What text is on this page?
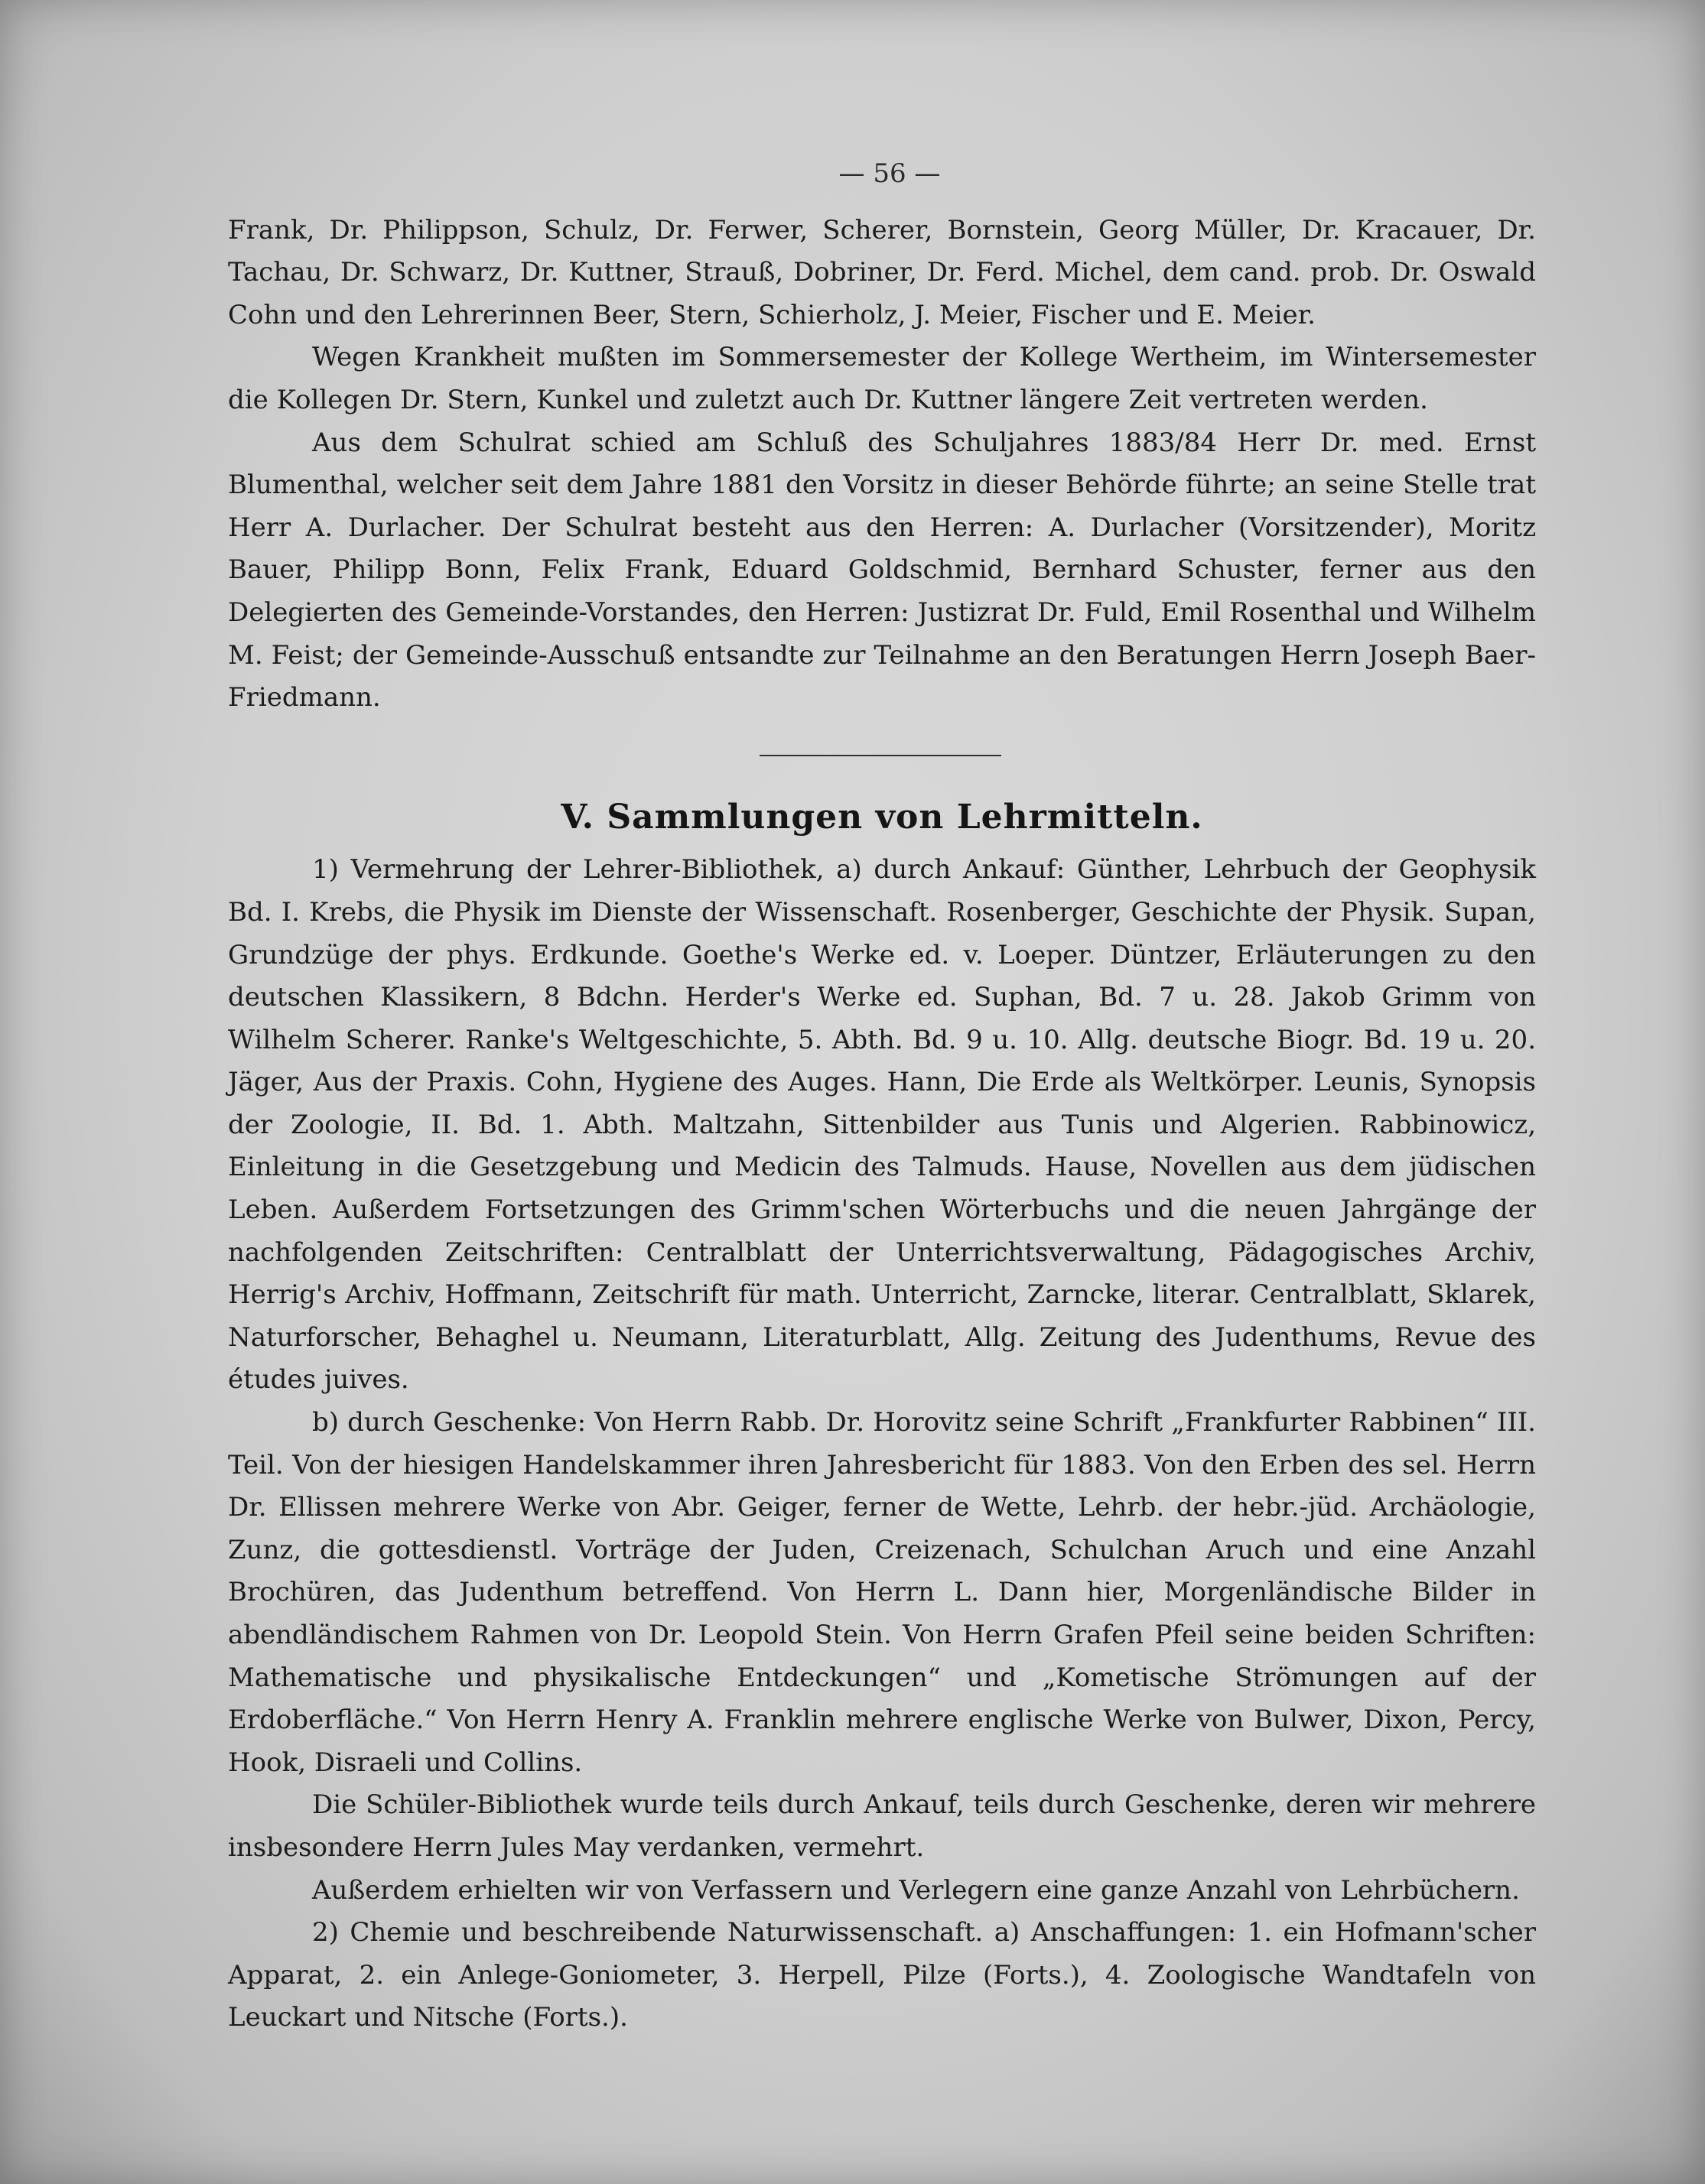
— 56 —

Frank, Dr. Philippson, Schulz, Dr. Ferwer, Scherer, Bornstein, Georg Müller, Dr. Kracauer, Dr. Tachau, Dr. Schwarz, Dr. Kuttner, Strauß, Dobriner, Dr. Ferd. Michel, dem cand. prob. Dr. Oswald Cohn und den Lehrerinnen Beer, Stern, Schierholz, J. Meier, Fischer und E. Meier.

Wegen Krankheit mußten im Sommersemester der Kollege Wertheim, im Wintersemester die Kollegen Dr. Stern, Kunkel und zuletzt auch Dr. Kuttner längere Zeit vertreten werden.

Aus dem Schulrat schied am Schluß des Schuljahres 1883/84 Herr Dr. med. Ernst Blumenthal, welcher seit dem Jahre 1881 den Vorsitz in dieser Behörde führte; an seine Stelle trat Herr A. Durlacher. Der Schulrat besteht aus den Herren: A. Durlacher (Vorsitzender), Moritz Bauer, Philipp Bonn, Felix Frank, Eduard Goldschmid, Bernhard Schuster, ferner aus den Delegierten des Gemeinde-Vorstandes, den Herren: Justizrat Dr. Fuld, Emil Rosenthal und Wilhelm M. Feist; der Gemeinde-Ausschuß entsandte zur Teilnahme an den Beratungen Herrn Joseph Baer-Friedmann.

V. Sammlungen von Lehrmitteln.

1) Vermehrung der Lehrer-Bibliothek, a) durch Ankauf: Günther, Lehrbuch der Geophysik Bd. I. Krebs, die Physik im Dienste der Wissenschaft. Rosenberger, Geschichte der Physik. Supan, Grundzüge der phys. Erdkunde. Goethe's Werke ed. v. Loeper. Düntzer, Erläuterungen zu den deutschen Klassikern, 8 Bdchn. Herder's Werke ed. Suphan, Bd. 7 u. 28. Jakob Grimm von Wilhelm Scherer. Ranke's Weltgeschichte, 5. Abth. Bd. 9 u. 10. Allg. deutsche Biogr. Bd. 19 u. 20. Jäger, Aus der Praxis. Cohn, Hygiene des Auges. Hann, Die Erde als Weltkörper. Leunis, Synopsis der Zoologie, II. Bd. 1. Abth. Maltzahn, Sittenbilder aus Tunis und Algerien. Rabbinowicz, Einleitung in die Gesetzgebung und Medicin des Talmuds. Hause, Novellen aus dem jüdischen Leben. Außerdem Fortsetzungen des Grimm'schen Wörterbuchs und die neuen Jahrgänge der nachfolgenden Zeitschriften: Centralblatt der Unterrichtsverwaltung, Pädagogisches Archiv, Herrig's Archiv, Hoffmann, Zeitschrift für math. Unterricht, Zarncke, literar. Centralblatt, Sklarek, Naturforscher, Behaghel u. Neumann, Literaturblatt, Allg. Zeitung des Judenthums, Revue des études juives.

b) durch Geschenke: Von Herrn Rabb. Dr. Horovitz seine Schrift „Frankfurter Rabbinen“ III. Teil. Von der hiesigen Handelskammer ihren Jahresbericht für 1883. Von den Erben des sel. Herrn Dr. Ellissen mehrere Werke von Abr. Geiger, ferner de Wette, Lehrb. der hebr.-jüd. Archäologie, Zunz, die gottesdienstl. Vorträge der Juden, Creizenach, Schulchan Aruch und eine Anzahl Brochüren, das Judenthum betreffend. Von Herrn L. Dann hier, Morgenländische Bilder in abendländischem Rahmen von Dr. Leopold Stein. Von Herrn Grafen Pfeil seine beiden Schriften: Mathematische und physikalische Entdeckungen“ und „Kometische Strömungen auf der Erdoberfläche.“ Von Herrn Henry A. Franklin mehrere englische Werke von Bulwer, Dixon, Percy, Hook, Disraeli und Collins.

Die Schüler-Bibliothek wurde teils durch Ankauf, teils durch Geschenke, deren wir mehrere insbesondere Herrn Jules May verdanken, vermehrt.

Außerdem erhielten wir von Verfassern und Verlegern eine ganze Anzahl von Lehrbüchern.

2) Chemie und beschreibende Naturwissenschaft. a) Anschaffungen: 1. ein Hofmann'scher Apparat, 2. ein Anlege-Goniometer, 3. Herpell, Pilze (Forts.), 4. Zoologische Wandtafeln von Leuckart und Nitsche (Forts.).
